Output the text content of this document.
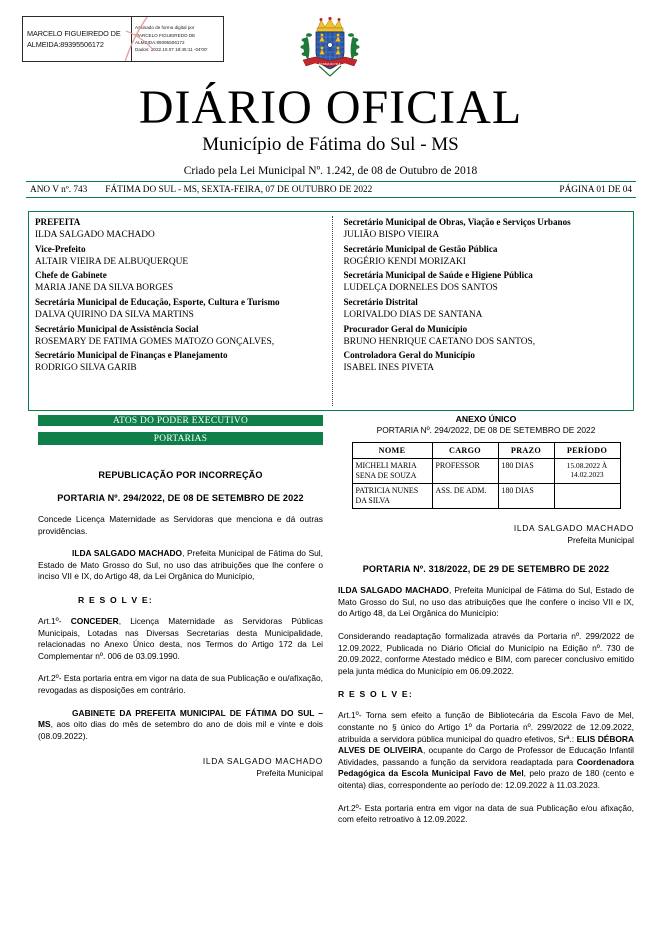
MARCELO FIGUEIREDO DE
ALMEIDA:89395506172
Assinado de forma digital por
MARCELO FIGUEIREDO DE
ALMEIDA:89395506172
Dados: 2022.10.07 18:45:11 -04'00'
FATIMA DO SUL
DIÁRIO OFICIAL
Município de Fátima do Sul - MS
Criado pela Lei Municipal Nº. 1.242, de 08 de Outubro de 2018
ANO V nº. 743 FÁTIMA DO SUL - MS, SEXTA-FEIRA, 07 DE OUTUBRO DE 2022	PÁGINA 01 DE 04
PREFEITA
ILDA SALGADO MACHADO
Vice-Prefeito
ALTAIR VIEIRA DE ALBUQUERQUE
Chefe de Gabinete
MARIA JANE DA SILVA BORGES
Secretária Municipal de Educação, Esporte, Cultura e Turismo
DALVA QUIRINO DA SILVA MARTINS
Secretário Municipal de Assistência Social
ROSEMARY DE FATIMA GOMES MATOZO GONÇALVES,
Secretário Municipal de Finanças e Planejamento
RODRIGO SILVA GARIB
Secretário Municipal de Obras, Viação e Serviços Urbanos
JULIÃO BISPO VIEIRA
Secretário Municipal de Gestão Pública
ROGÉRIO KENDI MORIZAKI
Secretária Municipal de Saúde e Higiene Pública
LUDELÇA DORNELES DOS SANTOS
Secretário Distrital
LORIVALDO DIAS DE SANTANA
Procurador Geral do Município
BRUNO HENRIQUE CAETANO DOS SANTOS,
Controladora Geral do Município
ISABEL INES PIVETA
ATOS DO PODER EXECUTIVO
PORTARIAS
REPUBLICAÇÃO POR INCORREÇÃO
PORTARIA Nº. 294/2022, DE 08 DE SETEMBRO DE 2022
Concede Licença Maternidade as Servidoras que menciona e dá outras providências.
ILDA SALGADO MACHADO, Prefeita Municipal de Fátima do Sul, Estado de Mato Grosso do Sul, no uso das atribuições que lhe confere o inciso VII e IX, do Artigo 48, da Lei Orgânica do Município,
R E S O L V E:
Art.1º- CONCEDER, Licença Maternidade as Servidoras Públicas Municipais, Lotadas nas Diversas Secretarias desta Municipalidade, relacionadas no Anexo Único desta, nos Termos do Artigo 172 da Lei Complementar nº. 006 de 03.09.1990.
Art.2º- Esta portaria entra em vigor na data de sua Publicação e ou/afixação, revogadas as disposições em contrário.
GABINETE DA PREFEITA MUNICIPAL DE FÁTIMA DO SUL – MS, aos oito dias do mês de setembro do ano de dois mil e vinte e dois (08.09.2022).
ILDA SALGADO MACHADO
Prefeita Municipal
ANEXO ÚNICO
PORTARIA Nº. 294/2022, DE 08 DE SETEMBRO DE 2022
NOME	CARGO	PRAZO	PERÍODO
MICHELI MARIA SENA DE SOUZA	PROFESSOR	180 DIAS	15.08.2022 À 14.02.2023
PATRICIA NUNES DA SILVA	ASS. DE ADM.	180 DIAS	
ILDA SALGADO MACHADO
Prefeita Municipal
PORTARIA Nº. 318/2022, DE 29 DE SETEMBRO DE 2022
ILDA SALGADO MACHADO, Prefeita Municipal de Fátima do Sul, Estado de Mato Grosso do Sul, no uso das atribuições que lhe confere o inciso VII e IX, do Artigo 48, da Lei Orgânica do Município:
Considerando readaptação formalizada através da Portaria nº. 299/2022 de 12.09.2022, Publicada no Diário Oficial do Município na Edição nº. 730 de 20.09.2022, conforme Atestado médico e BIM, com parecer conclusivo emitido pela junta médica do Município em 06.09.2022.
R E S O L V E:
Art.1º- Torna sem efeito a função de Bibliotecária da Escola Favo de Mel, constante no § único do Artigo 1º da Portaria nº. 299/2022 de 12.09.2022, atribuída a servidora pública municipal do quadro efetivos, Srª.: ELIS DÉBORA ALVES DE OLIVEIRA, ocupante do Cargo de Professor de Educação Infantil Atividades, passando a função da servidora readaptada para Coordenadora Pedagógica da Escola Municipal Favo de Mel, pelo prazo de 180 (cento e oitenta) dias, correspondente ao período de: 12.09.2022 à 11.03.2023.
Art.2º- Esta portaria entra em vigor na data de sua Publicação e/ou afixação, com efeito retroativo à 12.09.2022.
